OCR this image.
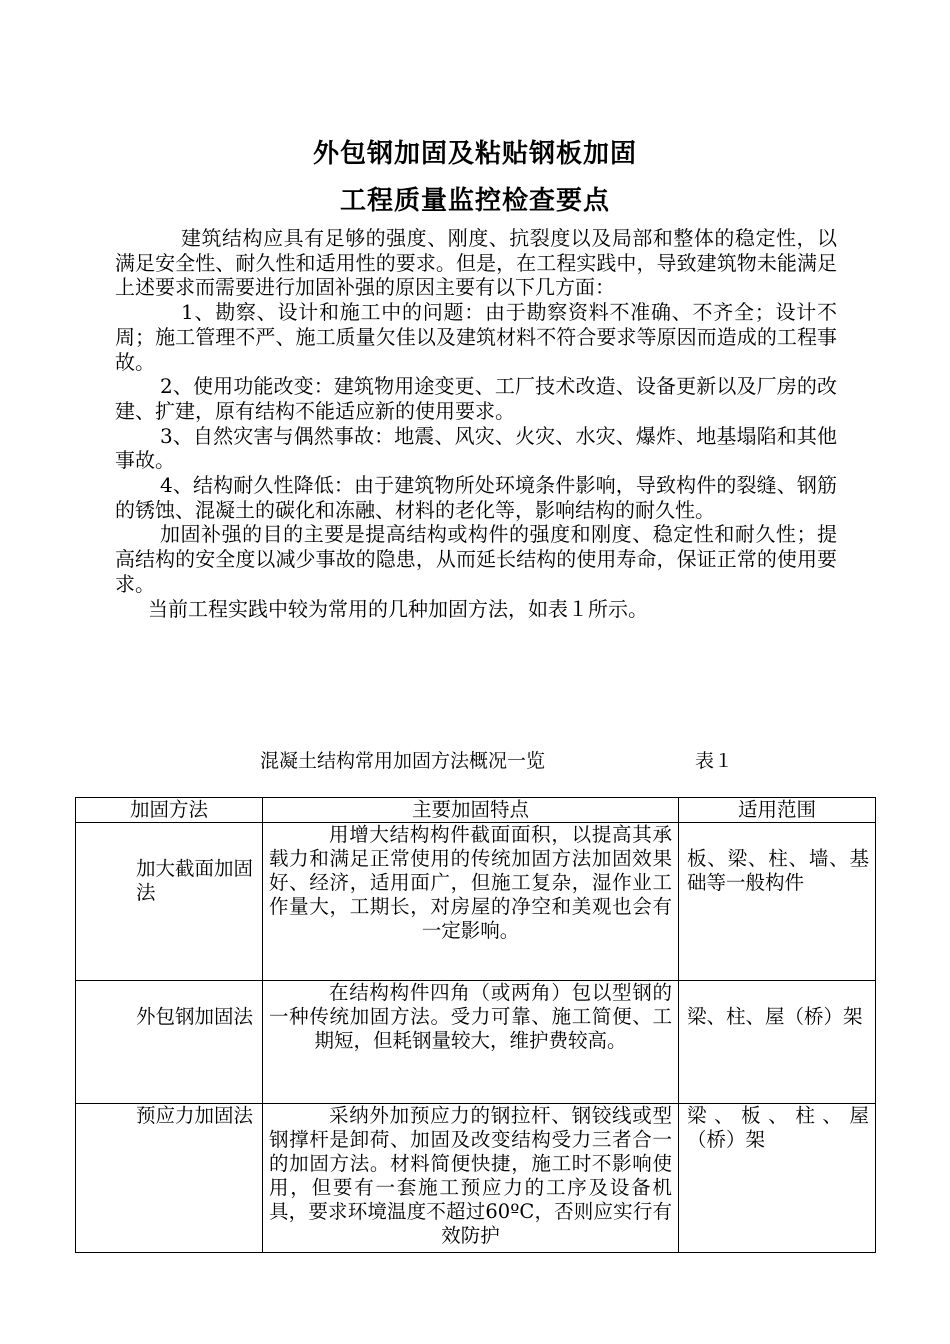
外包钢加固及粘贴钢板加固
工程质量监控检查要点

建筑结构应具有足够的强度、刚度、抗裂度以及局部和整体的稳定性，以满足安全性、耐久性和适用性的要求。但是，在工程实践中，导致建筑物未能满足上述要求而需要进行加固补强的原因主要有以下几方面：

1、勘察、设计和施工中的问题：由于勘察资料不准确、不齐全；设计不周；施工管理不严、施工质量欠佳以及建筑材料不符合要求等原因而造成的工程事故。

2、使用功能改变：建筑物用途变更、工厂技术改造、设备更新以及厂房的改建、扩建，原有结构不能适应新的使用要求。

3、自然灾害与偶然事故：地震、风灾、火灾、水灾、爆炸、地基塌陷和其他事故。

4、结构耐久性降低：由于建筑物所处环境条件影响，导致构件的裂缝、钢筋的锈蚀、混凝土的碳化和冻融、材料的老化等，影响结构的耐久性。

加固补强的目的主要是提高结构或构件的强度和刚度、稳定性和耐久性；提高结构的安全度以减少事故的隐患，从而延长结构的使用寿命，保证正常的使用要求。

当前工程实践中较为常用的几种加固方法，如表１所示。

混凝土结构常用加固方法概况一览	表１
加固方法	主要加固特点	适用范围
加大截面加固法	用增大结构构件截面面积，以提高其承载力和满足正常使用的传统加固方法加固效果好、经济，适用面广，但施工复杂，湿作业工作量大，工期长，对房屋的净空和美观也会有一定影响。	板、梁、柱、墙、基础等一般构件
外包钢加固法	在结构构件四角（或两角）包以型钢的一种传统加固方法。受力可靠、施工简便、工期短，但耗钢量较大，维护费较高。	梁、柱、屋（桥）架
预应力加固法	采纳外加预应力的钢拉杆、钢铰线或型钢撑杆是卸荷、加固及改变结构受力三者合一的加固方法。材料简便快捷，施工时不影响使用，但要有一套施工预应力的工序及设备机具，要求环境温度不超过60ºC，否则应实行有效防护	梁、板、柱、屋（桥）架
